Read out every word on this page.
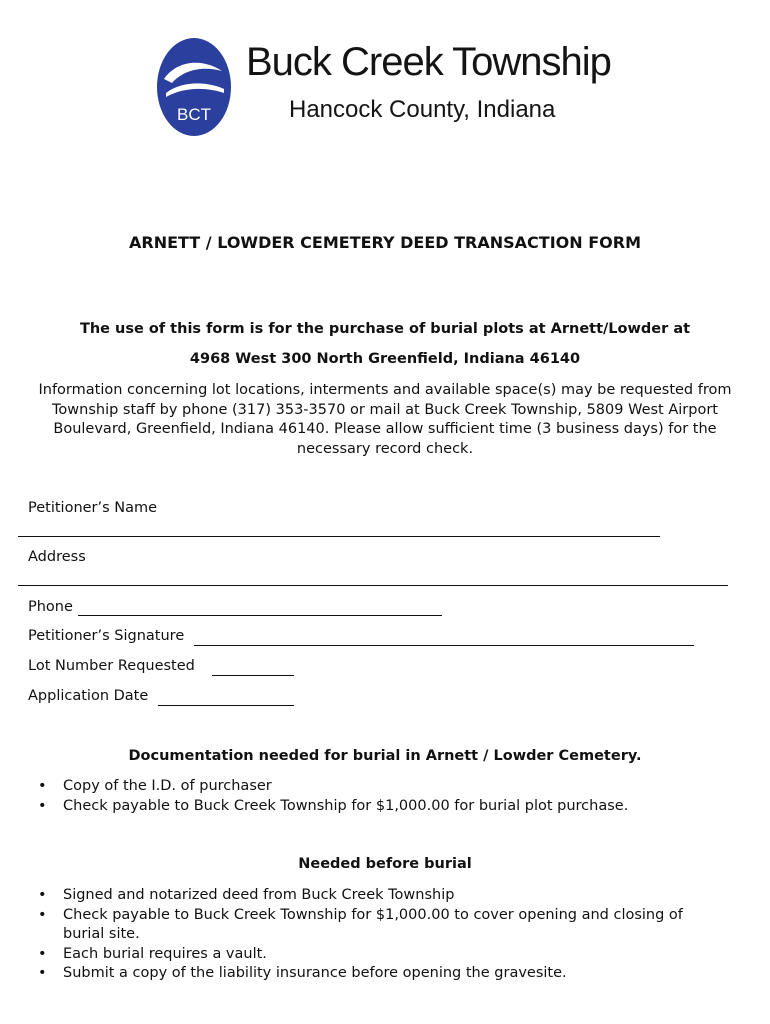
BCT
Buck Creek Township
Hancock County, Indiana
ARNETT / LOWDER CEMETERY DEED TRANSACTION FORM
The use of this form is for the purchase of burial plots at Arnett/Lowder at
4968 West 300 North Greenfield, Indiana 46140
Information concerning lot locations, interments and available space(s) may be requested from Township staff by phone (317) 353-3570 or mail at Buck Creek Township, 5809 West Airport Boulevard, Greenfield, Indiana 46140. Please allow sufficient time (3 business days) for the necessary record check.
Petitioner’s Name
Address
Phone
Petitioner’s Signature
Lot Number Requested
Application Date
Documentation needed for burial in Arnett / Lowder Cemetery.
• Copy of the I.D. of purchaser
• Check payable to Buck Creek Township for $1,000.00 for burial plot purchase.
Needed before burial
• Signed and notarized deed from Buck Creek Township
• Check payable to Buck Creek Township for $1,000.00 to cover opening and closing of burial site.
• Each burial requires a vault.
• Submit a copy of the liability insurance before opening the gravesite.
